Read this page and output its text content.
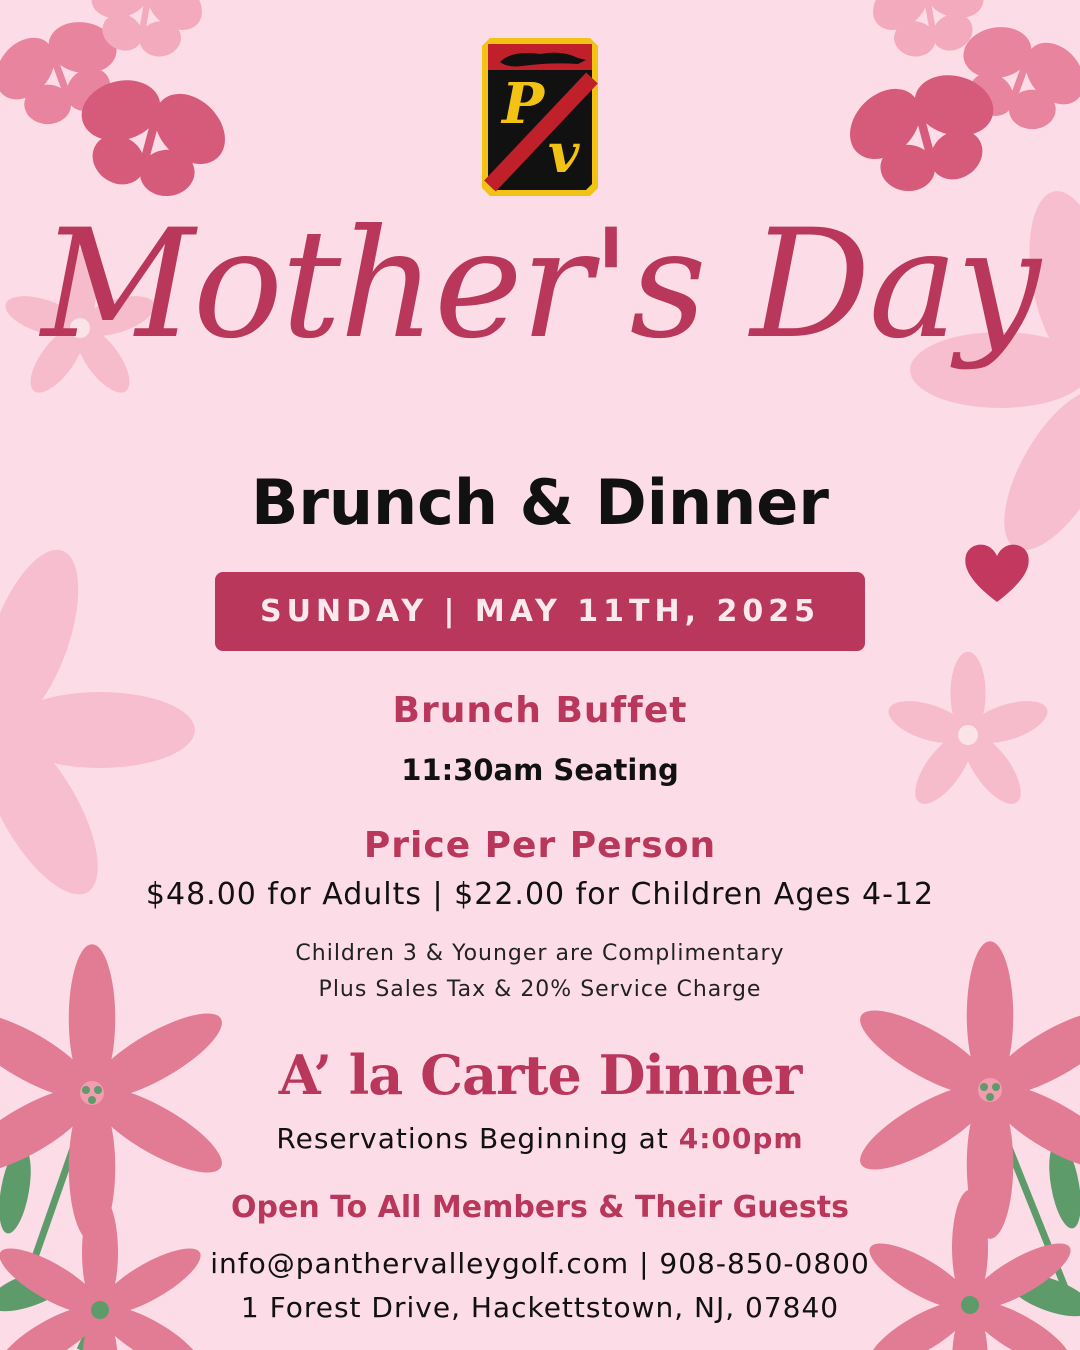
P
v
Mother's Day
Brunch & Dinner
SUNDAY | MAY 11TH, 2025
Brunch Buffet
11:30am Seating
Price Per Person
$48.00 for Adults | $22.00 for Children Ages 4-12
Children 3 & Younger are Complimentary
Plus Sales Tax & 20% Service Charge
A’ la Carte Dinner
Reservations Beginning at 4:00pm
Open To All Members & Their Guests
info@panthervalleygolf.com | 908-850-0800
1 Forest Drive, Hackettstown, NJ, 07840
